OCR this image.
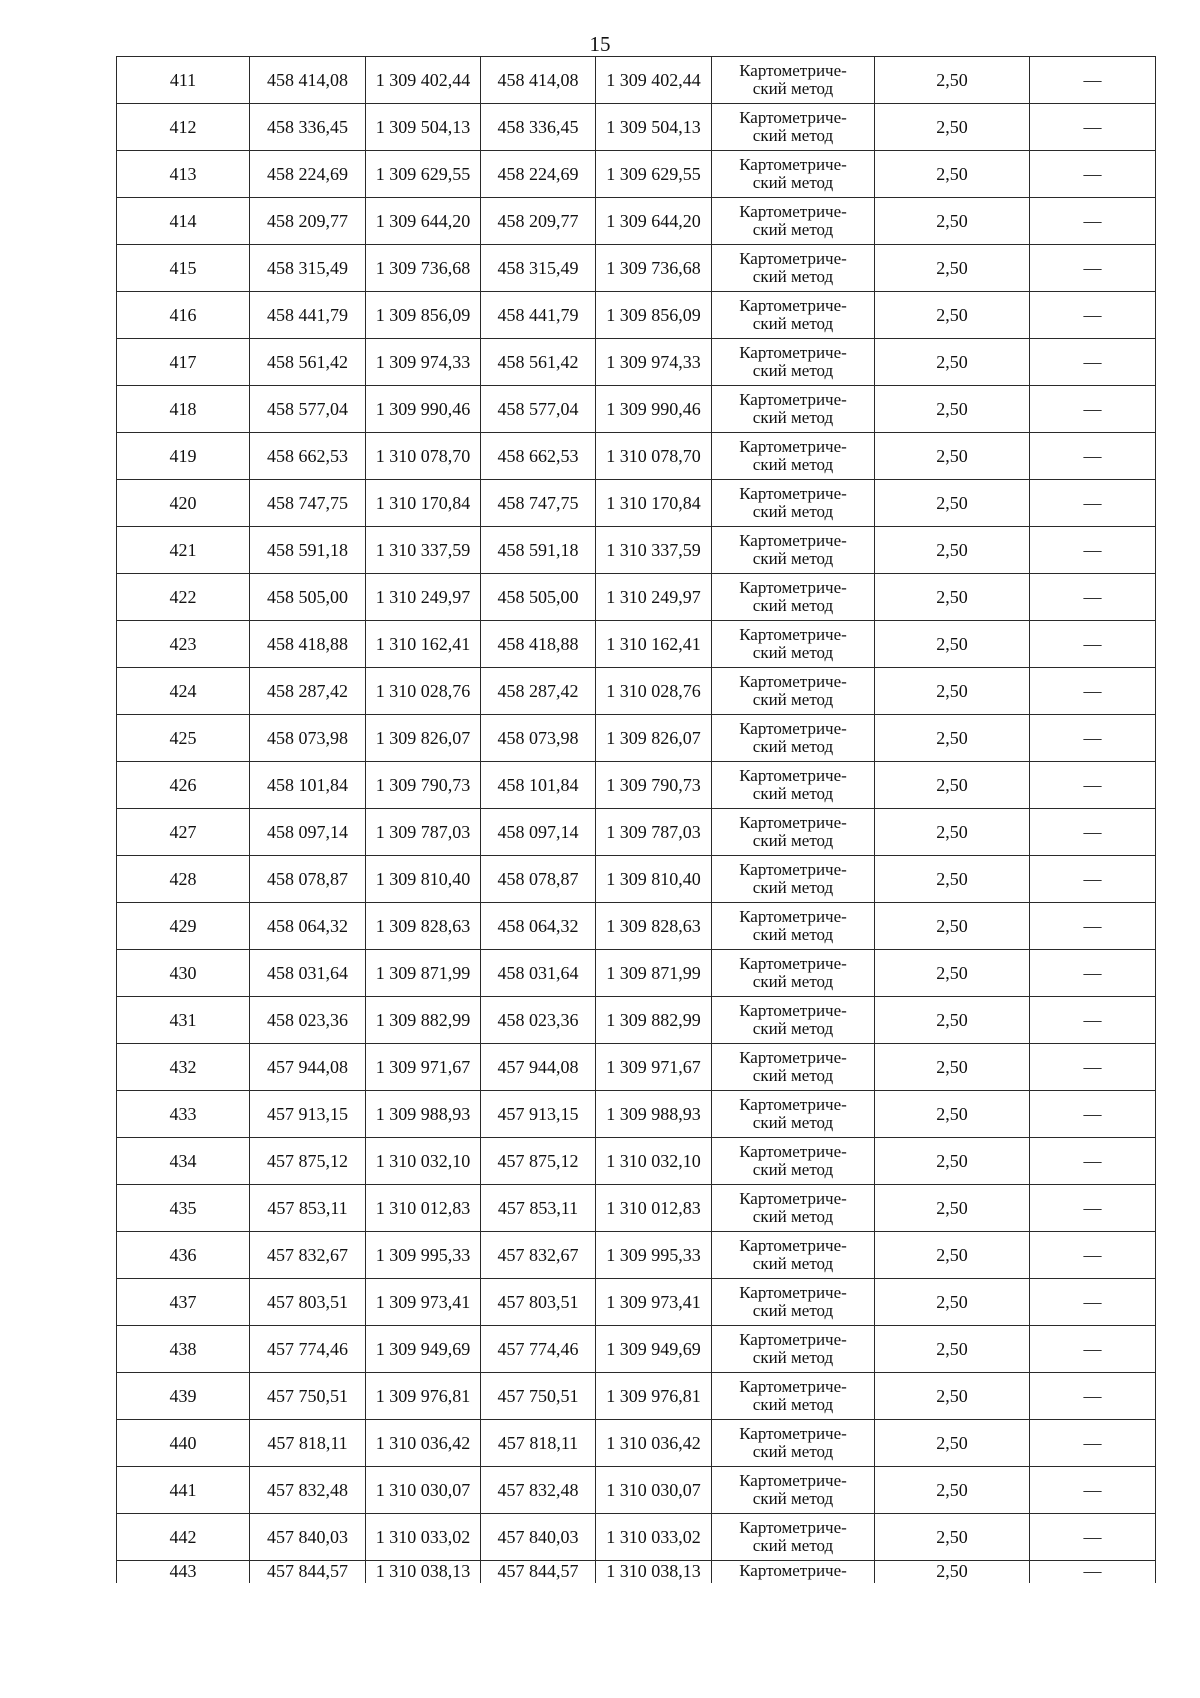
15
411	458 414,08	1 309 402,44	458 414,08	1 309 402,44	Картометриче-
ский метод	2,50	—
412	458 336,45	1 309 504,13	458 336,45	1 309 504,13	Картометриче-
ский метод	2,50	—
413	458 224,69	1 309 629,55	458 224,69	1 309 629,55	Картометриче-
ский метод	2,50	—
414	458 209,77	1 309 644,20	458 209,77	1 309 644,20	Картометриче-
ский метод	2,50	—
415	458 315,49	1 309 736,68	458 315,49	1 309 736,68	Картометриче-
ский метод	2,50	—
416	458 441,79	1 309 856,09	458 441,79	1 309 856,09	Картометриче-
ский метод	2,50	—
417	458 561,42	1 309 974,33	458 561,42	1 309 974,33	Картометриче-
ский метод	2,50	—
418	458 577,04	1 309 990,46	458 577,04	1 309 990,46	Картометриче-
ский метод	2,50	—
419	458 662,53	1 310 078,70	458 662,53	1 310 078,70	Картометриче-
ский метод	2,50	—
420	458 747,75	1 310 170,84	458 747,75	1 310 170,84	Картометриче-
ский метод	2,50	—
421	458 591,18	1 310 337,59	458 591,18	1 310 337,59	Картометриче-
ский метод	2,50	—
422	458 505,00	1 310 249,97	458 505,00	1 310 249,97	Картометриче-
ский метод	2,50	—
423	458 418,88	1 310 162,41	458 418,88	1 310 162,41	Картометриче-
ский метод	2,50	—
424	458 287,42	1 310 028,76	458 287,42	1 310 028,76	Картометриче-
ский метод	2,50	—
425	458 073,98	1 309 826,07	458 073,98	1 309 826,07	Картометриче-
ский метод	2,50	—
426	458 101,84	1 309 790,73	458 101,84	1 309 790,73	Картометриче-
ский метод	2,50	—
427	458 097,14	1 309 787,03	458 097,14	1 309 787,03	Картометриче-
ский метод	2,50	—
428	458 078,87	1 309 810,40	458 078,87	1 309 810,40	Картометриче-
ский метод	2,50	—
429	458 064,32	1 309 828,63	458 064,32	1 309 828,63	Картометриче-
ский метод	2,50	—
430	458 031,64	1 309 871,99	458 031,64	1 309 871,99	Картометриче-
ский метод	2,50	—
431	458 023,36	1 309 882,99	458 023,36	1 309 882,99	Картометриче-
ский метод	2,50	—
432	457 944,08	1 309 971,67	457 944,08	1 309 971,67	Картометриче-
ский метод	2,50	—
433	457 913,15	1 309 988,93	457 913,15	1 309 988,93	Картометриче-
ский метод	2,50	—
434	457 875,12	1 310 032,10	457 875,12	1 310 032,10	Картометриче-
ский метод	2,50	—
435	457 853,11	1 310 012,83	457 853,11	1 310 012,83	Картометриче-
ский метод	2,50	—
436	457 832,67	1 309 995,33	457 832,67	1 309 995,33	Картометриче-
ский метод	2,50	—
437	457 803,51	1 309 973,41	457 803,51	1 309 973,41	Картометриче-
ский метод	2,50	—
438	457 774,46	1 309 949,69	457 774,46	1 309 949,69	Картометриче-
ский метод	2,50	—
439	457 750,51	1 309 976,81	457 750,51	1 309 976,81	Картометриче-
ский метод	2,50	—
440	457 818,11	1 310 036,42	457 818,11	1 310 036,42	Картометриче-
ский метод	2,50	—
441	457 832,48	1 310 030,07	457 832,48	1 310 030,07	Картометриче-
ский метод	2,50	—
442	457 840,03	1 310 033,02	457 840,03	1 310 033,02	Картометриче-
ский метод	2,50	—
443	457 844,57	1 310 038,13	457 844,57	1 310 038,13	Картометриче-	2,50	—
